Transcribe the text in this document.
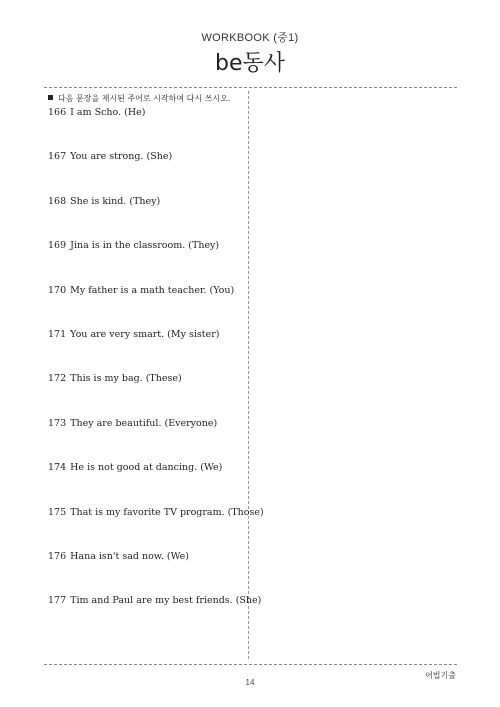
WORKBOOK (중1)
be동사
다음 문장을 제시된 주어로 시작하여 다시 쓰시오.
166 I am Scho. (He)
167 You are strong. (She)
168 She is kind. (They)
169 Jina is in the classroom. (They)
170 My father is a math teacher. (You)
171 You are very smart. (My sister)
172 This is my bag. (These)
173 They are beautiful. (Everyone)
174 He is not good at dancing. (We)
175 That is my favorite TV program. (Those)
176 Hana isn't sad now. (We)
177 Tim and Paul are my best friends. (She)
14
어법기출
